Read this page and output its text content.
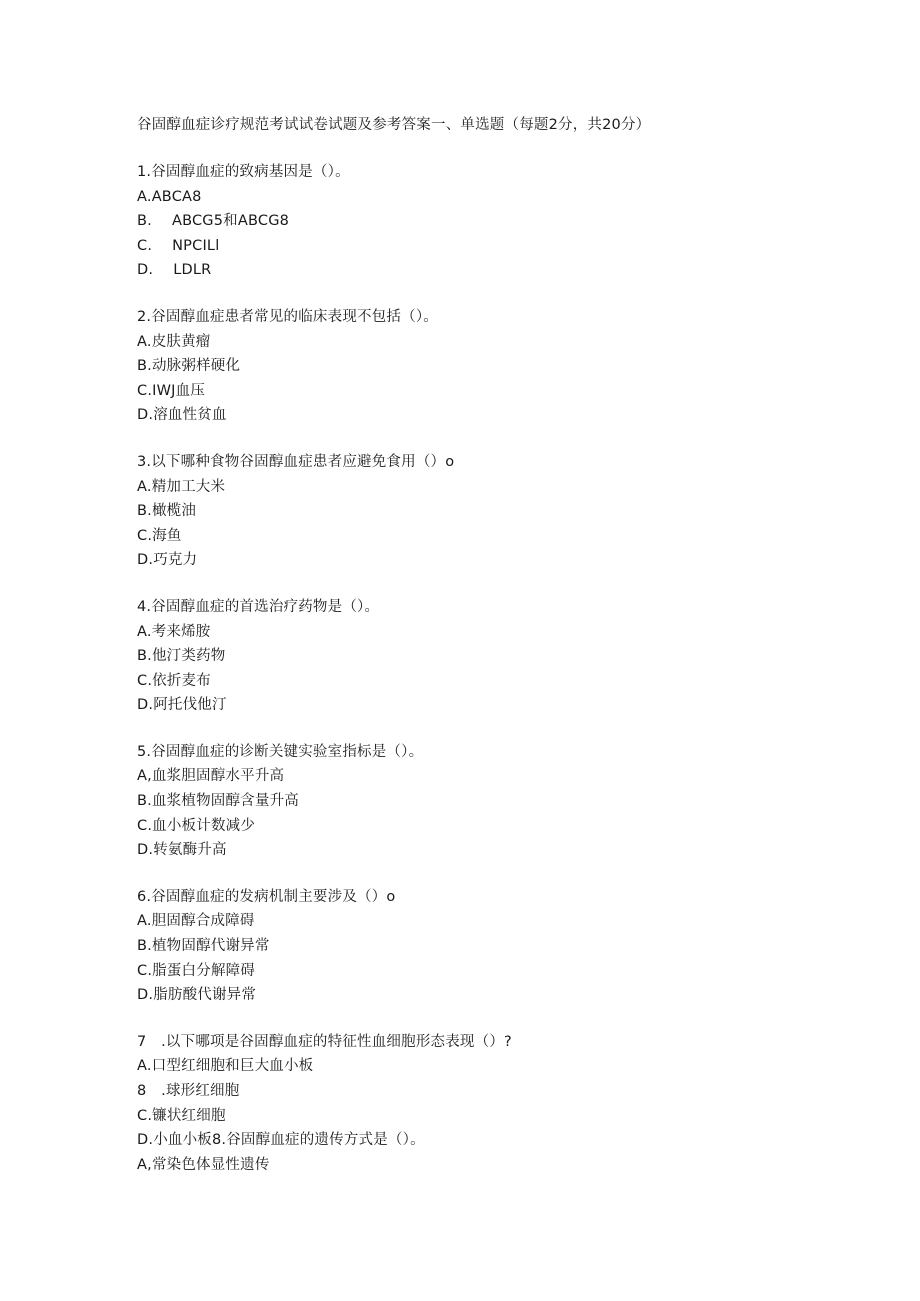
谷固醇血症诊疗规范考试试卷试题及参考答案一、单选题（每题2分，共20分）
1.谷固醇血症的致病基因是（）。
A.ABCA8
B. ABCG5和ABCG8
C. NPCILl
D. LDLR
2.谷固醇血症患者常见的临床表现不包括（）。
A.皮肤黄瘤
B.动脉粥样硬化
C.IWJ血压
D.溶血性贫血
3.以下哪种食物谷固醇血症患者应避免食用（）o
A.精加工大米
B.橄榄油
C.海鱼
D.巧克力
4.谷固醇血症的首选治疗药物是（）。
A.考来烯胺
B.他汀类药物
C.依折麦布
D.阿托伐他汀
5.谷固醇血症的诊断关键实验室指标是（）。
A,血浆胆固醇水平升高
B.血浆植物固醇含量升高
C.血小板计数减少
D.转氨酶升高
6.谷固醇血症的发病机制主要涉及（）o
A.胆固醇合成障碍
B.植物固醇代谢异常
C.脂蛋白分解障碍
D.脂肪酸代谢异常
7　.以下哪项是谷固醇血症的特征性血细胞形态表现（）?
A.口型红细胞和巨大血小板
8　.球形红细胞
C.镰状红细胞
D.小血小板8.谷固醇血症的遗传方式是（）。
A,常染色体显性遗传
